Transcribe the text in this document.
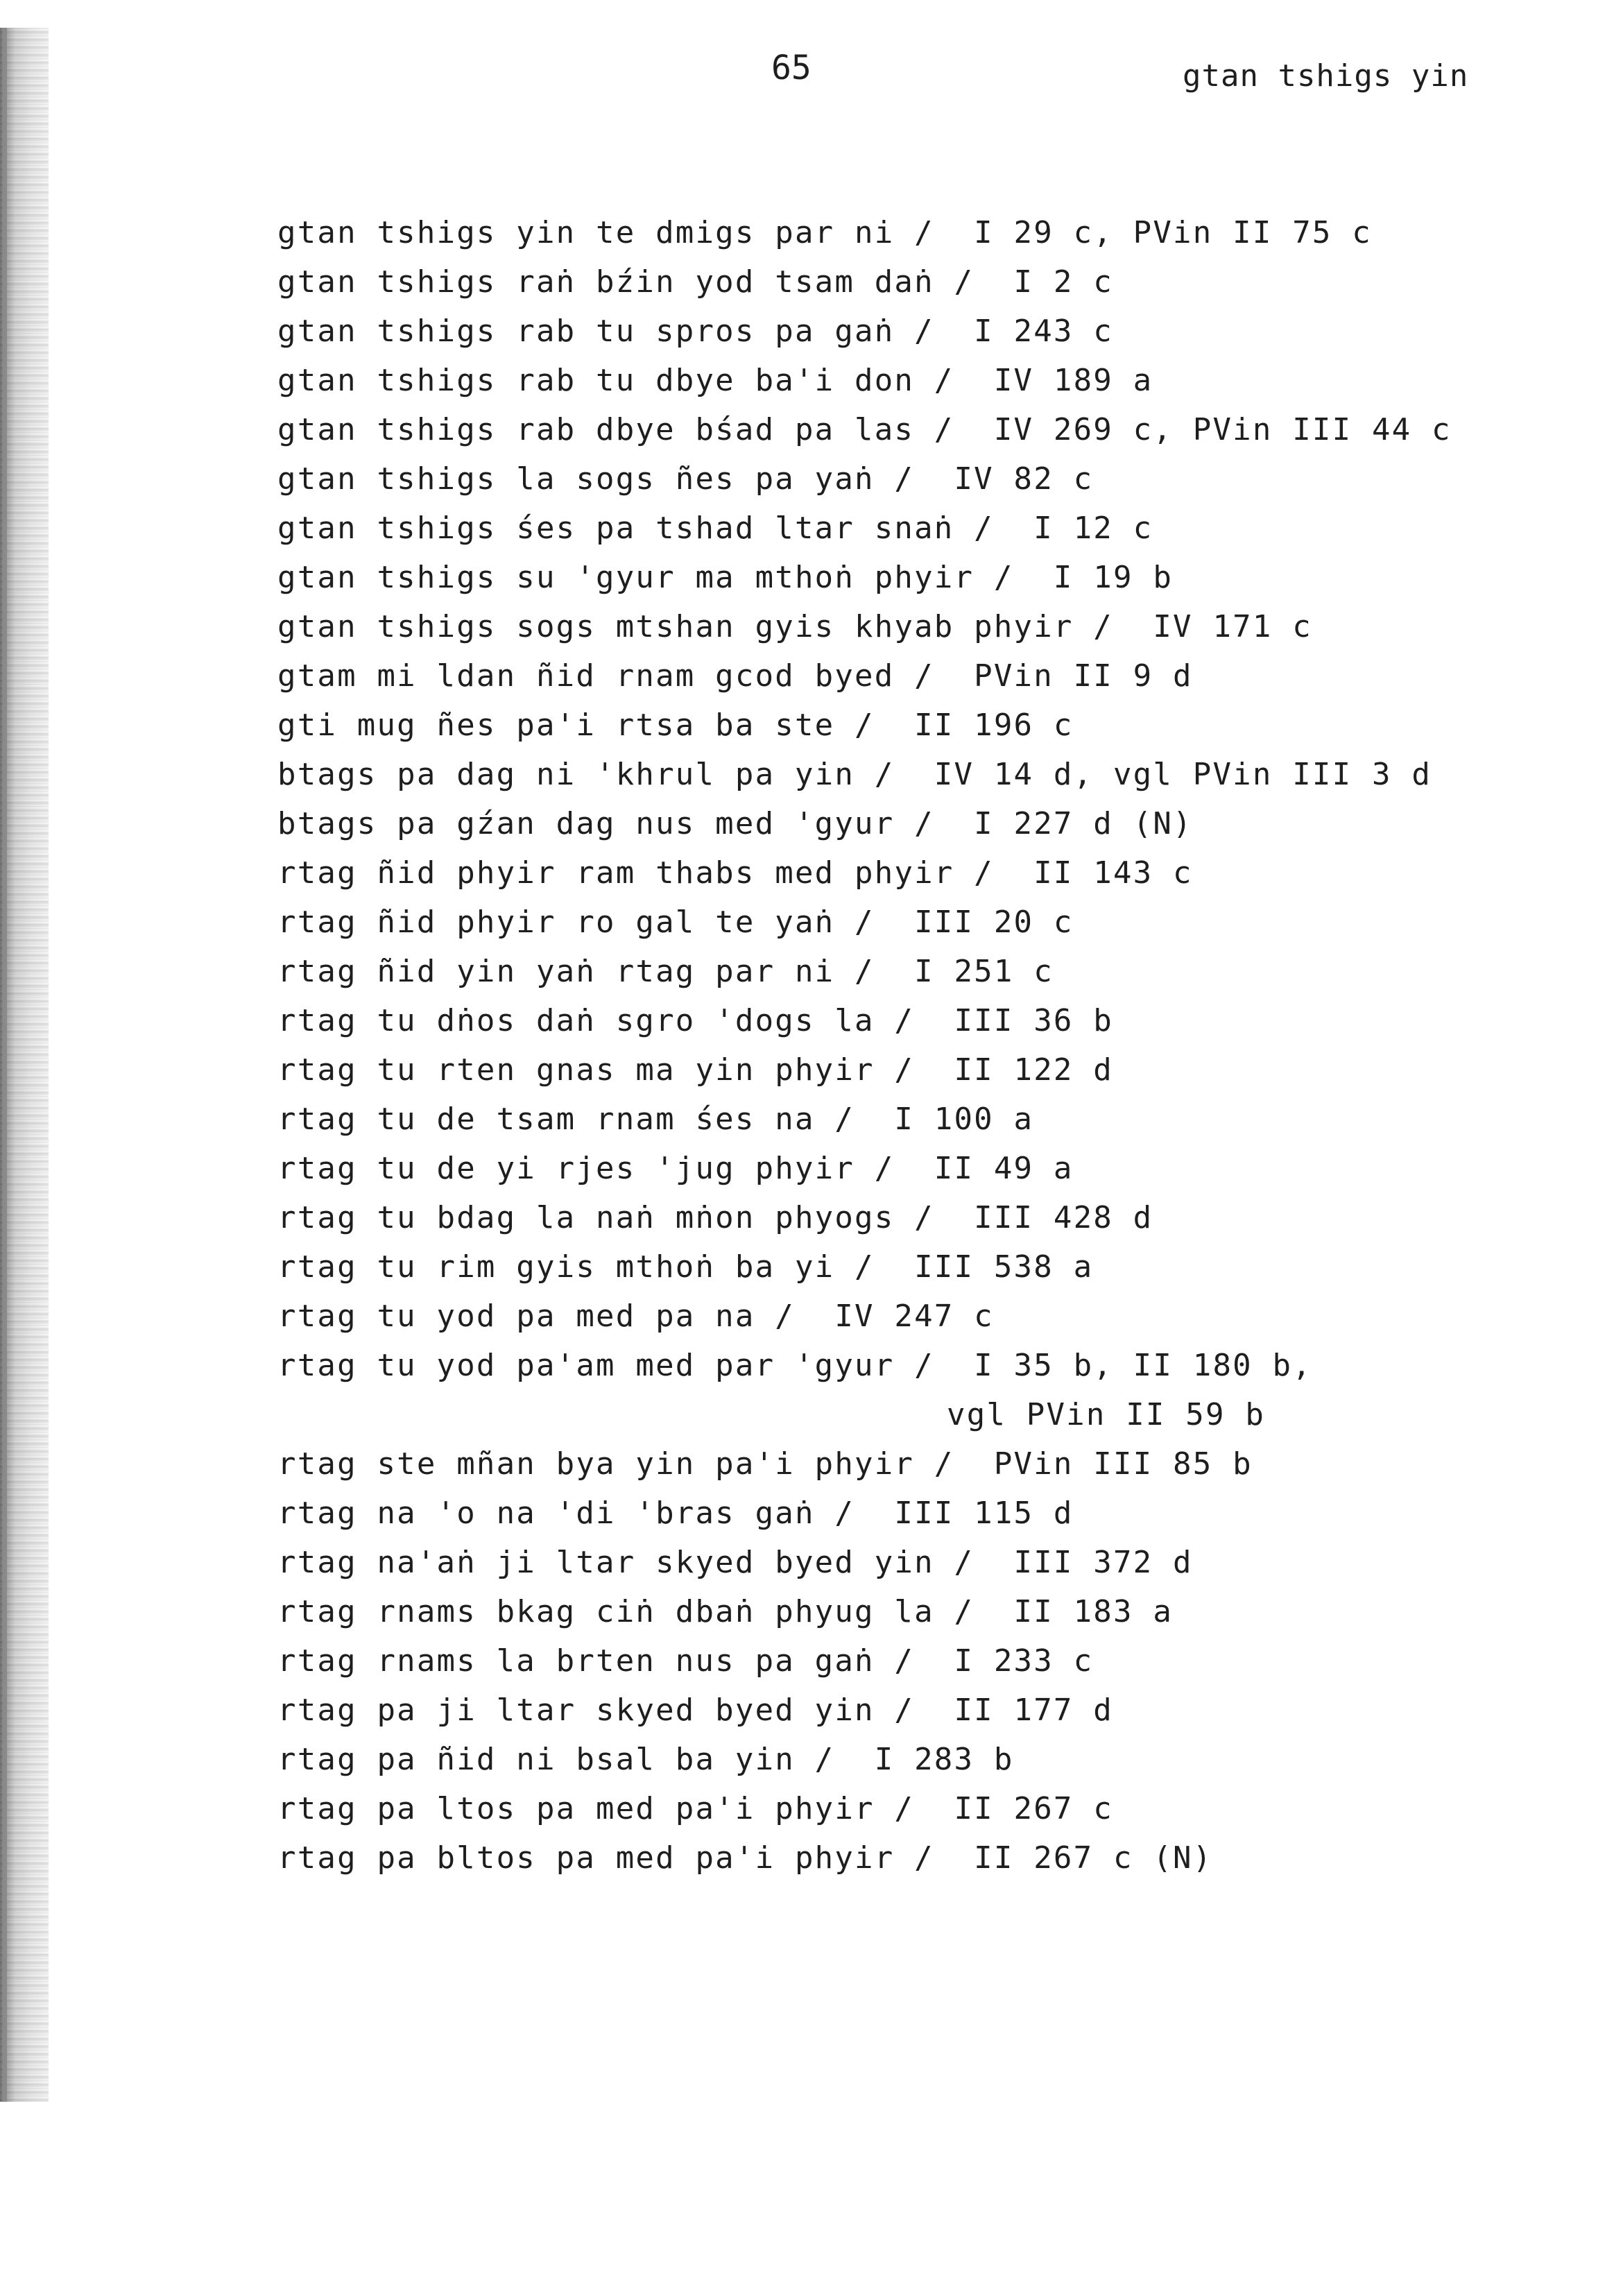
65	gtan tshigs yin
gtan tshigs yin te dmigs par ni /  I 29 c, PVin II 75 c
gtan tshigs raṅ bźin yod tsam daṅ /  I 2 c
gtan tshigs rab tu spros pa gaṅ /  I 243 c
gtan tshigs rab tu dbye ba'i don /  IV 189 a
gtan tshigs rab dbye bśad pa las /  IV 269 c, PVin III 44 c
gtan tshigs la sogs ñes pa yaṅ /  IV 82 c
gtan tshigs śes pa tshad ltar snaṅ /  I 12 c
gtan tshigs su 'gyur ma mthoṅ phyir /  I 19 b
gtan tshigs sogs mtshan gyis khyab phyir /  IV 171 c
gtam mi ldan ñid rnam gcod byed /  PVin II 9 d
gti mug ñes pa'i rtsa ba ste /  II 196 c
btags pa dag ni 'khrul pa yin /  IV 14 d, vgl PVin III 3 d
btags pa gźan dag nus med 'gyur /  I 227 d (N)
rtag ñid phyir ram thabs med phyir /  II 143 c
rtag ñid phyir ro gal te yaṅ /  III 20 c
rtag ñid yin yaṅ rtag par ni /  I 251 c
rtag tu dṅos daṅ sgro 'dogs la /  III 36 b
rtag tu rten gnas ma yin phyir /  II 122 d
rtag tu de tsam rnam śes na /  I 100 a
rtag tu de yi rjes 'jug phyir /  II 49 a
rtag tu bdag la naṅ mṅon phyogs /  III 428 d
rtag tu rim gyis mthoṅ ba yi /  III 538 a
rtag tu yod pa med pa na /  IV 247 c
rtag tu yod pa'am med par 'gyur /  I 35 b, II 180 b,
vgl PVin II 59 b
rtag ste mñan bya yin pa'i phyir /  PVin III 85 b
rtag na 'o na 'di 'bras gaṅ /  III 115 d
rtag na'aṅ ji ltar skyed byed yin /  III 372 d
rtag rnams bkag ciṅ dbaṅ phyug la /  II 183 a
rtag rnams la brten nus pa gaṅ /  I 233 c
rtag pa ji ltar skyed byed yin /  II 177 d
rtag pa ñid ni bsal ba yin /  I 283 b
rtag pa ltos pa med pa'i phyir /  II 267 c
rtag pa bltos pa med pa'i phyir /  II 267 c (N)
